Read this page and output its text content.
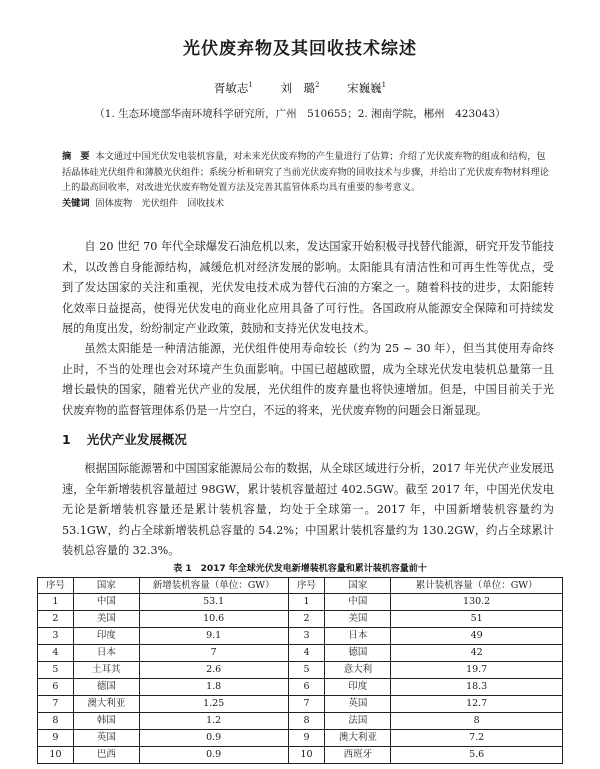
光伏废弃物及其回收技术综述
胥敏志$^1$ 刘　璐$^2$ 宋巍巍$^1$
（1. 生态环境部华南环境科学研究所，广州　510655；2. 湘南学院，郴州　423043）
摘　要 本文通过中国光伏发电装机容量，对未来光伏废弃物的产生量进行了估算；介绍了光伏废弃物的组成和结构，包括晶体硅光伏组件和薄膜光伏组件；系统分析和研究了当前光伏废弃物的回收技术与步骤，并给出了光伏废弃物材料理论上的最高回收率，对改进光伏废弃物处置方法及完善其监管体系均具有重要的参考意义。
关键词 固体废物　光伏组件　回收技术

自 20 世纪 70 年代全球爆发石油危机以来，发达国家开始积极寻找替代能源，研究开发节能技术，以改善自身能源结构，减缓危机对经济发展的影响。太阳能具有清洁性和可再生性等优点，受到了发达国家的关注和重视，光伏发电技术成为替代石油的方案之一。随着科技的进步，太阳能转化效率日益提高，使得光伏发电的商业化应用具备了可行性。各国政府从能源安全保障和可持续发展的角度出发，纷纷制定产业政策，鼓励和支持光伏发电技术。

虽然太阳能是一种清洁能源，光伏组件使用寿命较长（约为 25 ~ 30 年），但当其使用寿命终止时，不当的处理也会对环境产生负面影响。中国已超越欧盟，成为全球光伏发电装机总量第一且增长最快的国家，随着光伏产业的发展，光伏组件的废弃量也将快速增加。但是，中国目前关于光伏废弃物的监督管理体系仍是一片空白，不远的将来，光伏废弃物的问题会日渐显现。

1 光伏产业发展概况

根据国际能源署和中国国家能源局公布的数据，从全球区域进行分析，2017 年光伏产业发展迅速，全年新增装机容量超过 98GW，累计装机容量超过 402.5GW。截至 2017 年，中国光伏发电无论是新增装机容量还是累计装机容量，均处于全球第一。2017 年，中国新增装机容量约为 53.1GW，约占全球新增装机总容量的 54.2%；中国累计装机容量约为 130.2GW，约占全球累计装机总容量的 32.3%。

表 1　2017 年全球光伏发电新增装机容量和累计装机容量前十
序号	国家	新增装机容量（单位：GW）	序号	国家	累计装机容量（单位：GW）
1	中国	53.1	1	中国	130.2
2	美国	10.6	2	美国	51
3	印度	9.1	3	日本	49
4	日本	7	4	德国	42
5	土耳其	2.6	5	意大利	19.7
6	德国	1.8	6	印度	18.3
7	澳大利亚	1.25	7	英国	12.7
8	韩国	1.2	8	法国	8
9	英国	0.9	9	澳大利亚	7.2
10	巴西	0.9	10	西班牙	5.6
